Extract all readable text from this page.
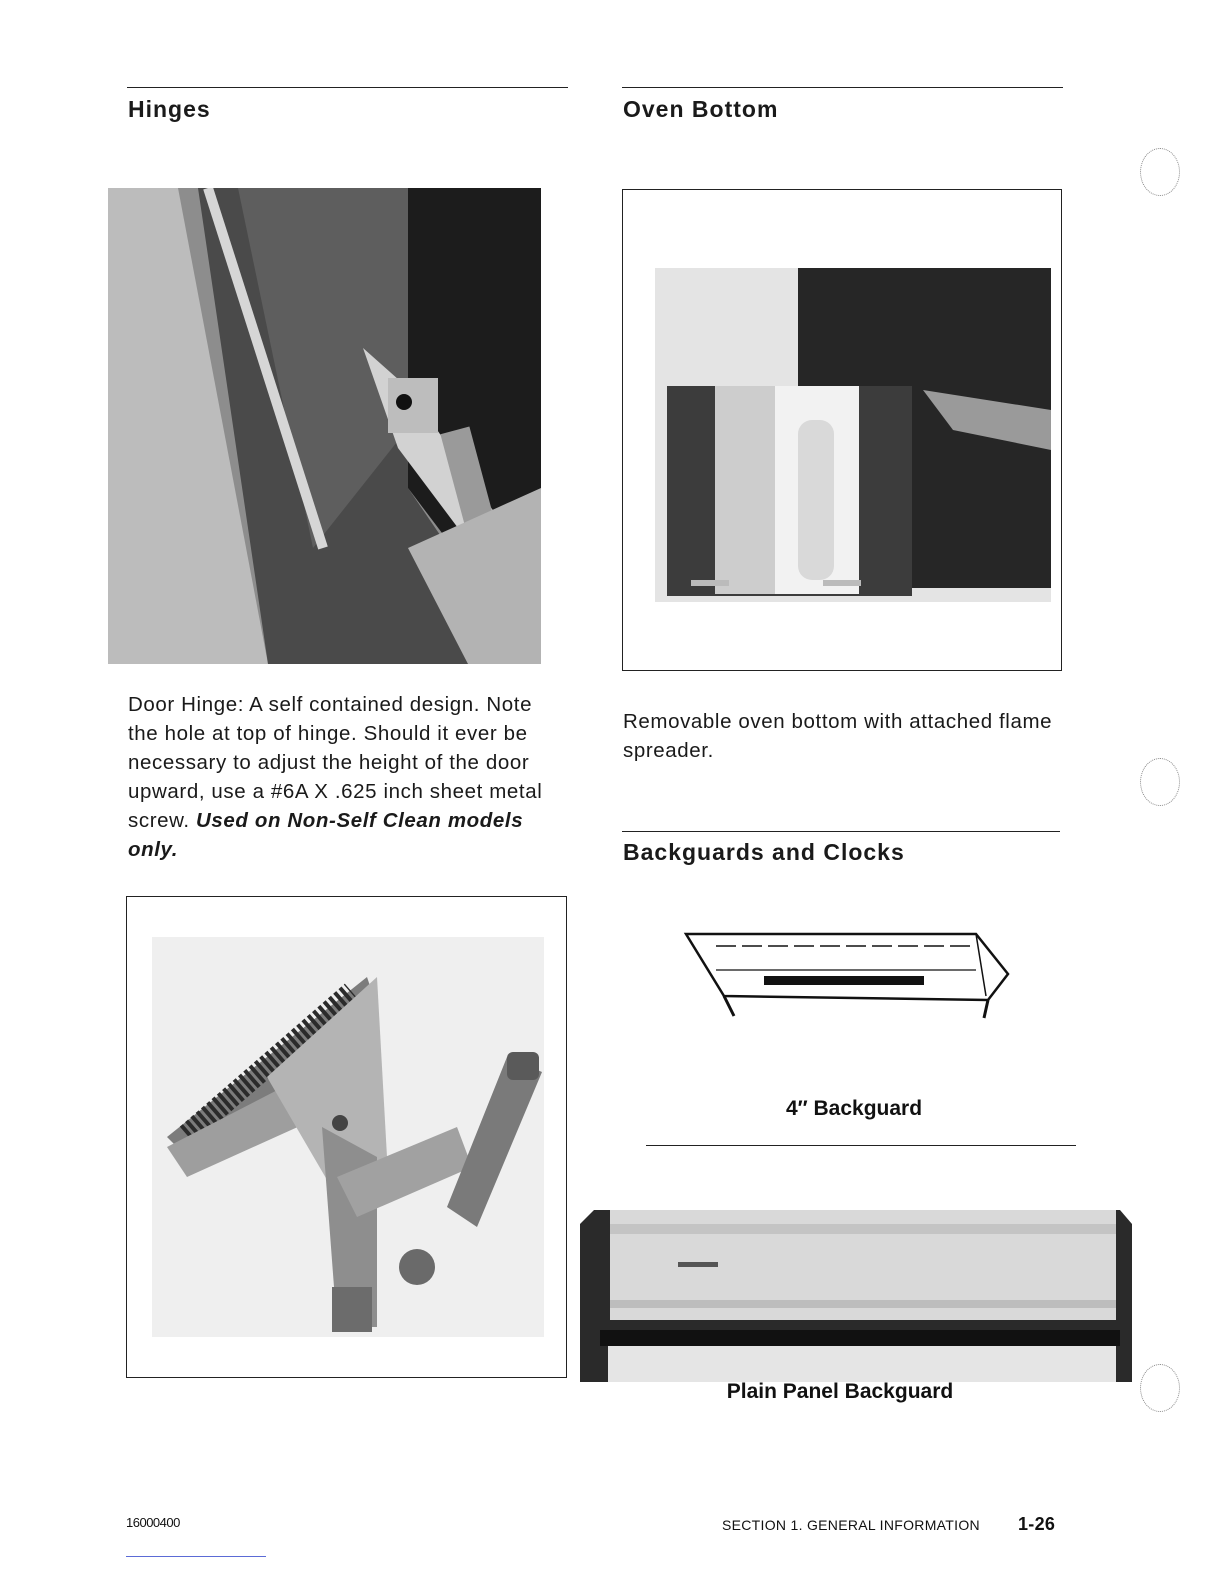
Hinges
Door Hinge: A self contained design. Note the hole at top of hinge. Should it ever be necessary to adjust the height of the door upward, use a #6A X .625 inch sheet metal screw. Used on Non-Self Clean models only.
Oven Bottom
Removable oven bottom with attached flame spreader.
Backguards and Clocks
4″ Backguard
Plain Panel Backguard
16000400	SECTION 1. GENERAL INFORMATION 1-26
